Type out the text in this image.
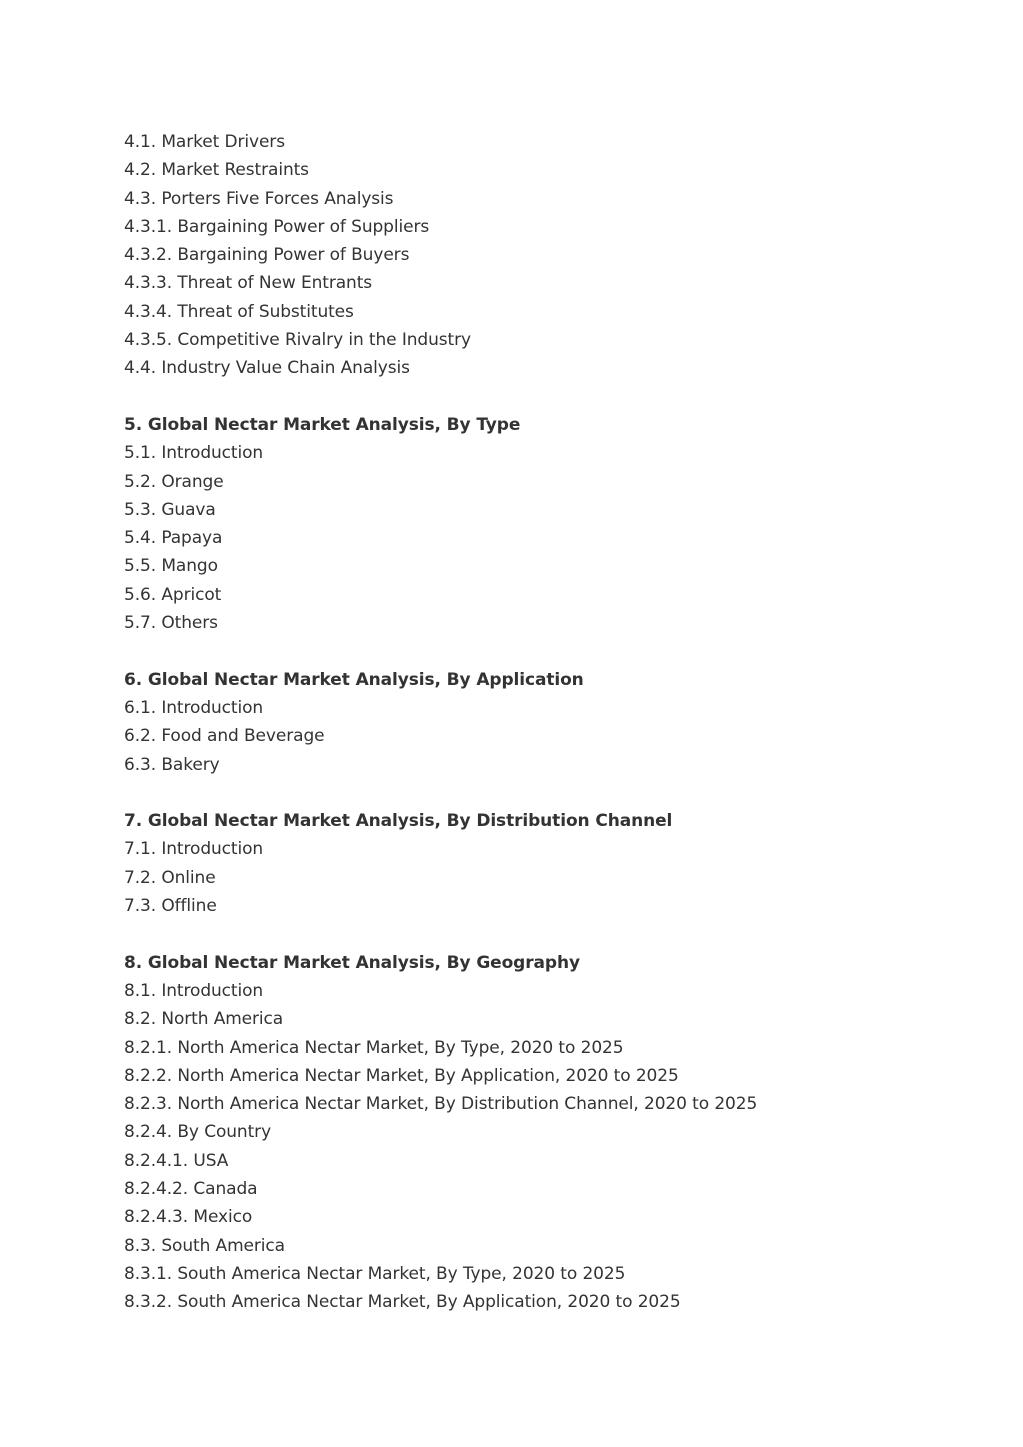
4.1. Market Drivers
4.2. Market Restraints
4.3. Porters Five Forces Analysis
4.3.1. Bargaining Power of Suppliers
4.3.2. Bargaining Power of Buyers
4.3.3. Threat of New Entrants
4.3.4. Threat of Substitutes
4.3.5. Competitive Rivalry in the Industry
4.4. Industry Value Chain Analysis
5. Global Nectar Market Analysis, By Type
5.1. Introduction
5.2. Orange
5.3. Guava
5.4. Papaya
5.5. Mango
5.6. Apricot
5.7. Others
6. Global Nectar Market Analysis, By Application
6.1. Introduction
6.2. Food and Beverage
6.3. Bakery
7. Global Nectar Market Analysis, By Distribution Channel
7.1. Introduction
7.2. Online
7.3. Offline
8. Global Nectar Market Analysis, By Geography
8.1. Introduction
8.2. North America
8.2.1. North America Nectar Market, By Type, 2020 to 2025
8.2.2. North America Nectar Market, By Application, 2020 to 2025
8.2.3. North America Nectar Market, By Distribution Channel, 2020 to 2025
8.2.4. By Country
8.2.4.1. USA
8.2.4.2. Canada
8.2.4.3. Mexico
8.3. South America
8.3.1. South America Nectar Market, By Type, 2020 to 2025
8.3.2. South America Nectar Market, By Application, 2020 to 2025
